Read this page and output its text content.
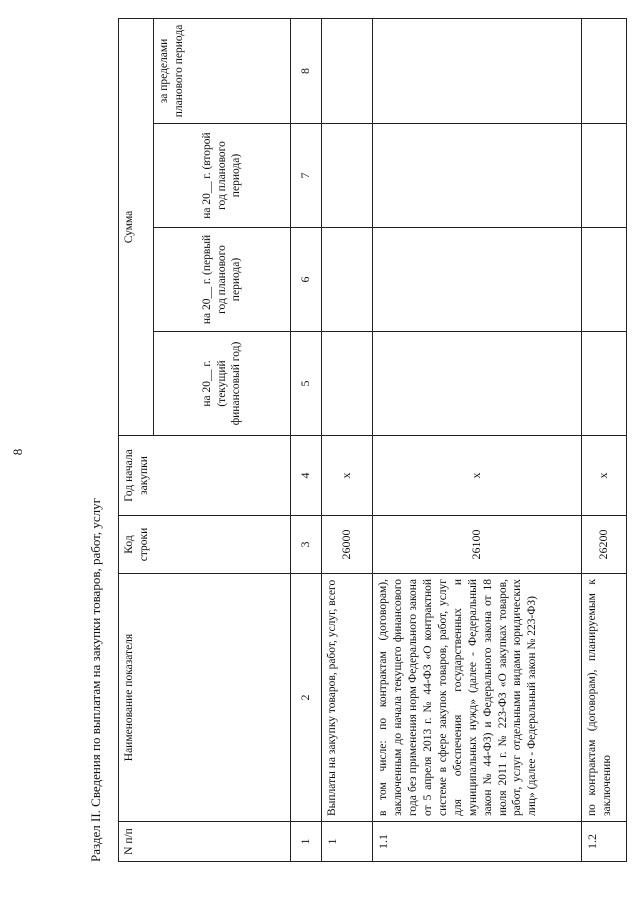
8
Раздел II. Сведения по выплатам на закупки товаров, работ, услуг N п/п	Наименование показателя	Код строки	Год начала закупки	Сумма			
				на 20__ г. (текущий финансовый год)	на 20__ г. (первый год планового периода)	на 20__ г. (второй год планового периода)	за пределами планового периода
1	2	3	4	5	6	7	8
1	Выплаты на закупку товаров, работ, услуг, всего	26000	x				
1.1	в том числе: по контрактам (договорам), заключенным до начала текущего финансового года без применения норм Федерального закона от 5 апреля 2013 г. № 44-ФЗ «О контрактной системе в сфере закупок товаров, работ, услуг для обеспечения государственных и муниципальных нужд» (далее - Федеральный закон № 44-ФЗ) и Федерального закона от 18 июля 2011 г. № 223-ФЗ «О закупках товаров, работ, услуг отдельными видами юридических лиц» (далее - Федеральный закон № 223-ФЗ)	26100	x				
1.2	по контрактам (договорам), планируемым к заключению	26200	x				
